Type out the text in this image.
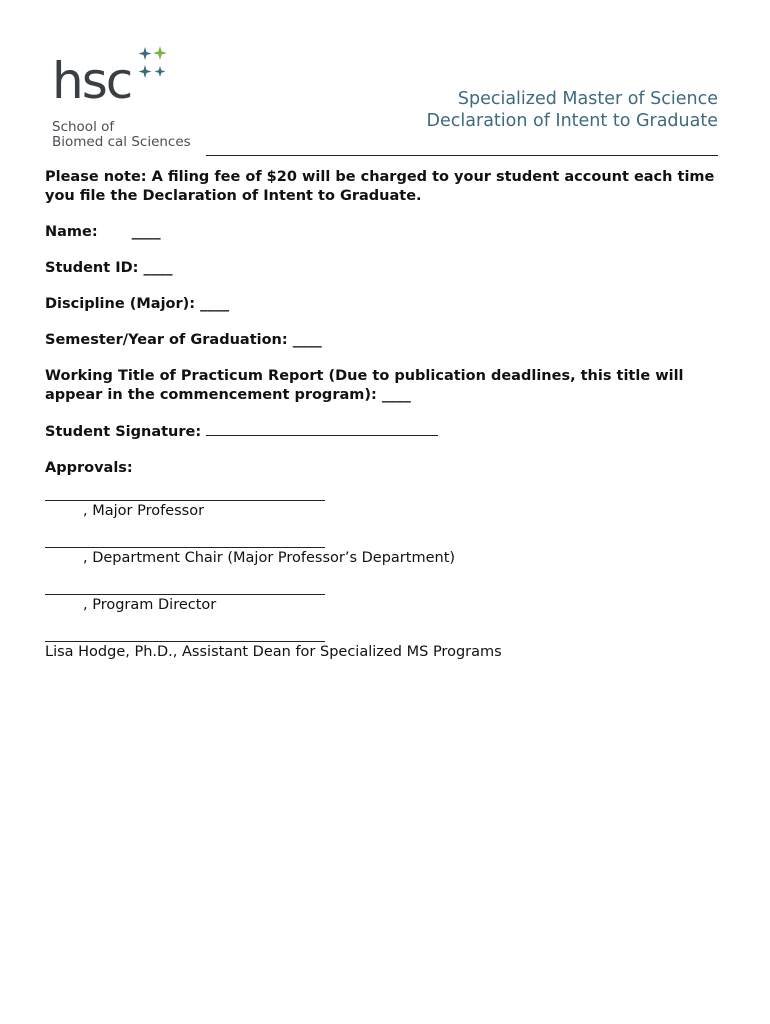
hsc
School of
Biomed cal Sciences
Specialized Master of Science
Declaration of Intent to Graduate

Please note: A filing fee of $20 will be charged to your student account each time you file the Declaration of Intent to Graduate.

Name: ____

Student ID: ____

Discipline (Major): ____

Semester/Year of Graduation: ____

Working Title of Practicum Report (Due to publication deadlines, this title will appear in the commencement program): ____

Student Signature:

Approvals:

, Major Professor
, Department Chair (Major Professor’s Department)
, Program Director
Lisa Hodge, Ph.D., Assistant Dean for Specialized MS Programs
